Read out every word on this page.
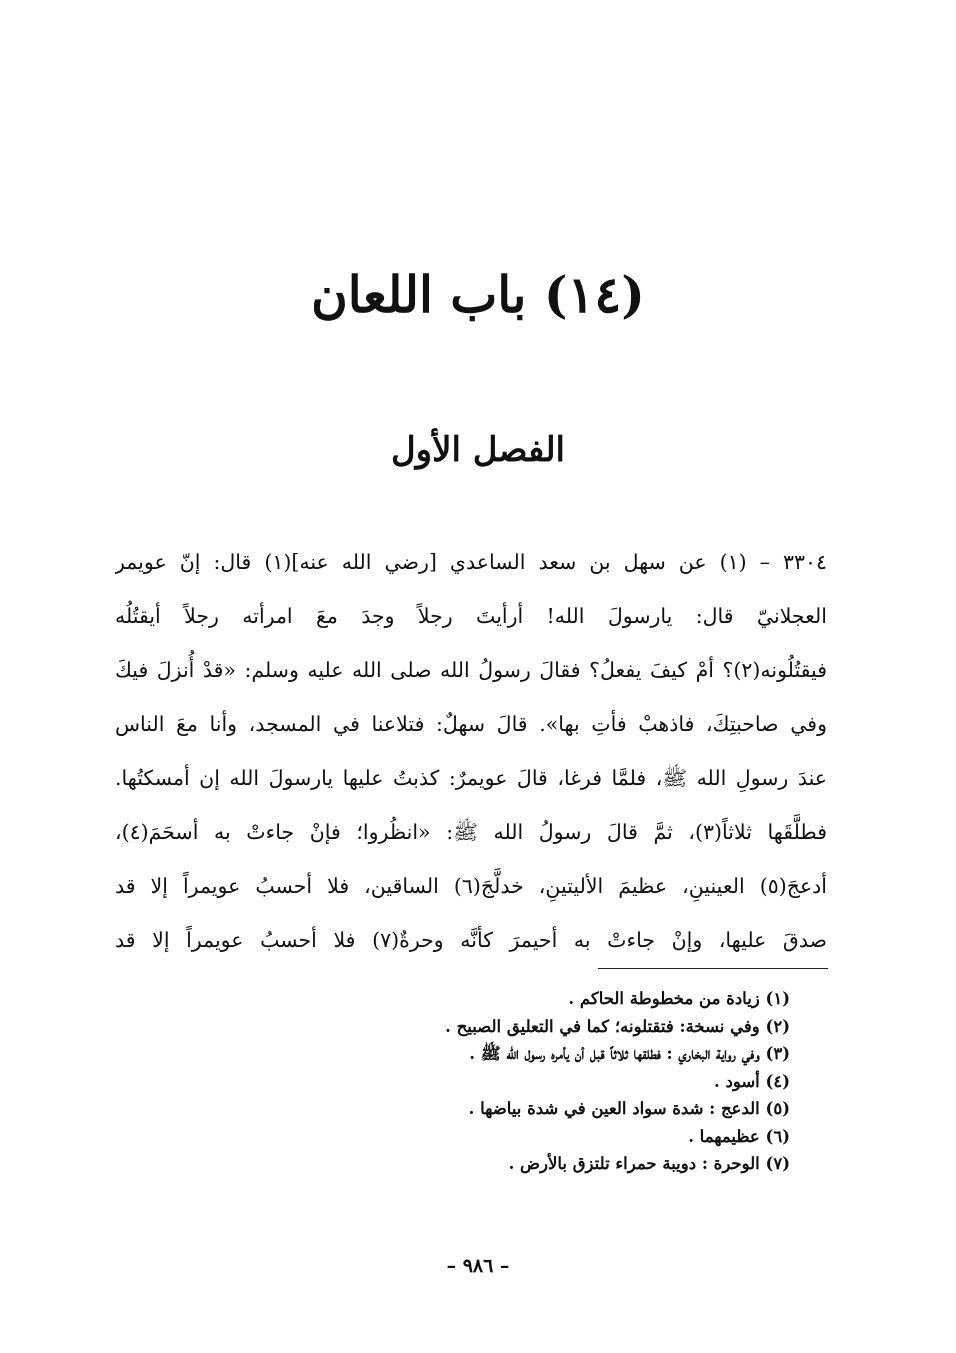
(١٤) باب اللعان
الفصل الأول
٣٣٠٤ – (١) عن سهل بن سعد الساعدي [رضي الله عنه](١) قال: إنّ عويمر
العجلانيّ قال: يارسولَ الله! أرأيتَ رجلاً وجدَ معَ امرأته رجلاً أيقتُلُه
فيقتُلُونه(٢)؟ أمْ كيفَ يفعلُ؟ فقالَ رسولُ الله صلى الله عليه وسلم: «قدْ أُنزلَ فيكَ
وفي صاحبتِكَ، فاذهبْ فأتِ بها». قالَ سهلٌ: فتلاعنا في المسجد، وأنا معَ الناس
عندَ رسولِ الله ﷺ، فلمَّا فرغا، قالَ عويمرٌ: كذبتُ عليها يارسولَ الله إن أمسكتُها.
فطلَّقَها ثلاثاً(٣)، ثمَّ قالَ رسولُ الله ﷺ: «انظُروا؛ فإنْ جاءتْ به أسحَمَ(٤)،
أدعجَ(٥) العينينِ، عظيمَ الأليتينِ، خدلَّجَ(٦) الساقين، فلا أحسبُ عويمراً إلا قد
صدقَ عليها، وإنْ جاءتْ به أحيمرَ كأنَّه وحرةٌ(٧) فلا أحسبُ عويمراً إلا قد
(١) زيادة من مخطوطة الحاكم .
(٢) وفي نسخة: فتقتلونه؛ كما في التعليق الصبيح .
(٣) وفي رواية البخاري : فطلقها ثلاثاً قبل أن يأمره رسول الله ﷺ .
(٤) أسود .
(٥) الدعج : شدة سواد العين في شدة بياضها .
(٦) عظيمهما .
(٧) الوحرة : دويبة حمراء تلتزق بالأرض .
– ٩٨٦ –
